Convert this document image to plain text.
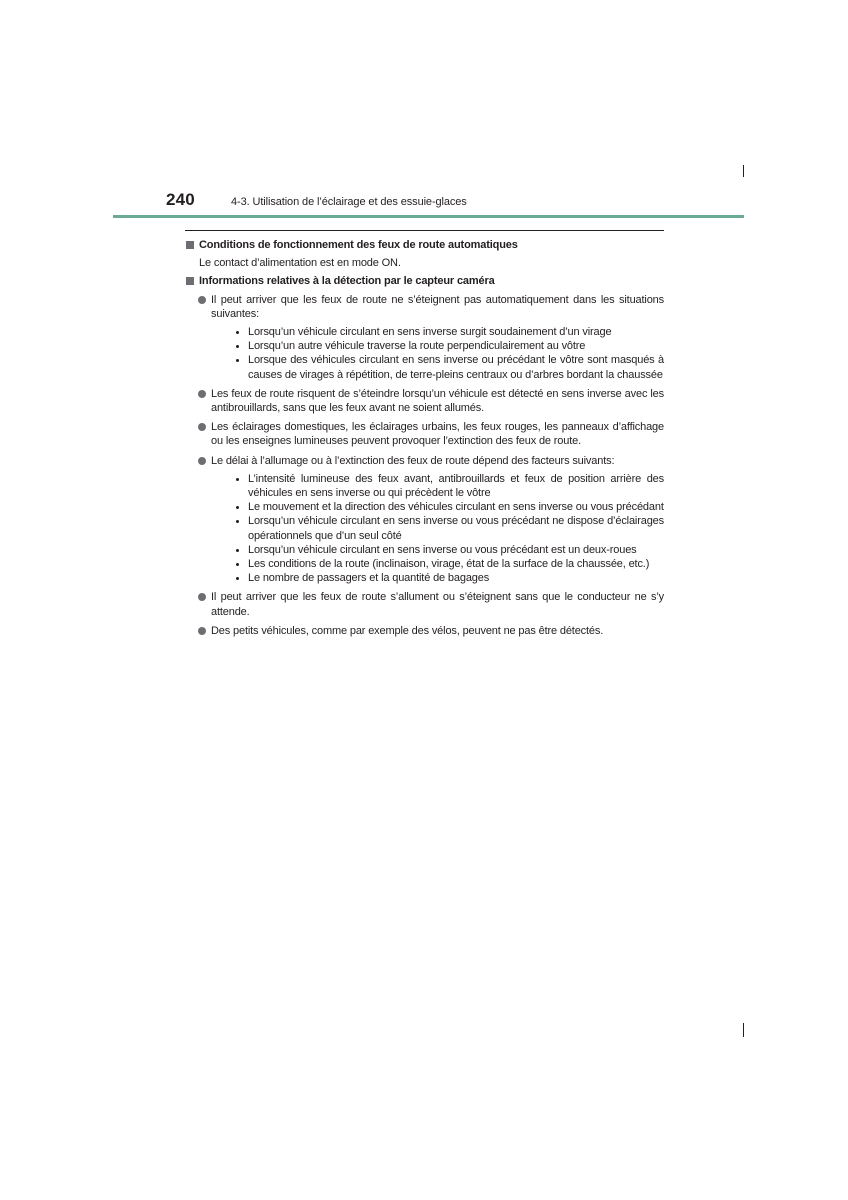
240	4-3. Utilisation de l’éclairage et des essuie-glaces
Conditions de fonctionnement des feux de route automatiques
Le contact d’alimentation est en mode ON.
Informations relatives à la détection par le capteur caméra
Il peut arriver que les feux de route ne s’éteignent pas automatiquement dans les situations suivantes:
Lorsqu’un véhicule circulant en sens inverse surgit soudainement d’un virage
Lorsqu’un autre véhicule traverse la route perpendiculairement au vôtre
Lorsque des véhicules circulant en sens inverse ou précédant le vôtre sont masqués à causes de virages à répétition, de terre-pleins centraux ou d’arbres bordant la chaussée
Les feux de route risquent de s’éteindre lorsqu’un véhicule est détecté en sens inverse avec les antibrouillards, sans que les feux avant ne soient allumés.
Les éclairages domestiques, les éclairages urbains, les feux rouges, les panneaux d’affichage ou les enseignes lumineuses peuvent provoquer l’extinction des feux de route.
Le délai à l’allumage ou à l’extinction des feux de route dépend des facteurs suivants:
L’intensité lumineuse des feux avant, antibrouillards et feux de position arrière des véhicules en sens inverse ou qui précèdent le vôtre
Le mouvement et la direction des véhicules circulant en sens inverse ou vous précédant
Lorsqu’un véhicule circulant en sens inverse ou vous précédant ne dispose d’éclairages opérationnels que d’un seul côté
Lorsqu’un véhicule circulant en sens inverse ou vous précédant est un deux-roues
Les conditions de la route (inclinaison, virage, état de la surface de la chaussée, etc.)
Le nombre de passagers et la quantité de bagages
Il peut arriver que les feux de route s’allument ou s’éteignent sans que le conducteur ne s’y attende.
Des petits véhicules, comme par exemple des vélos, peuvent ne pas être détectés.
